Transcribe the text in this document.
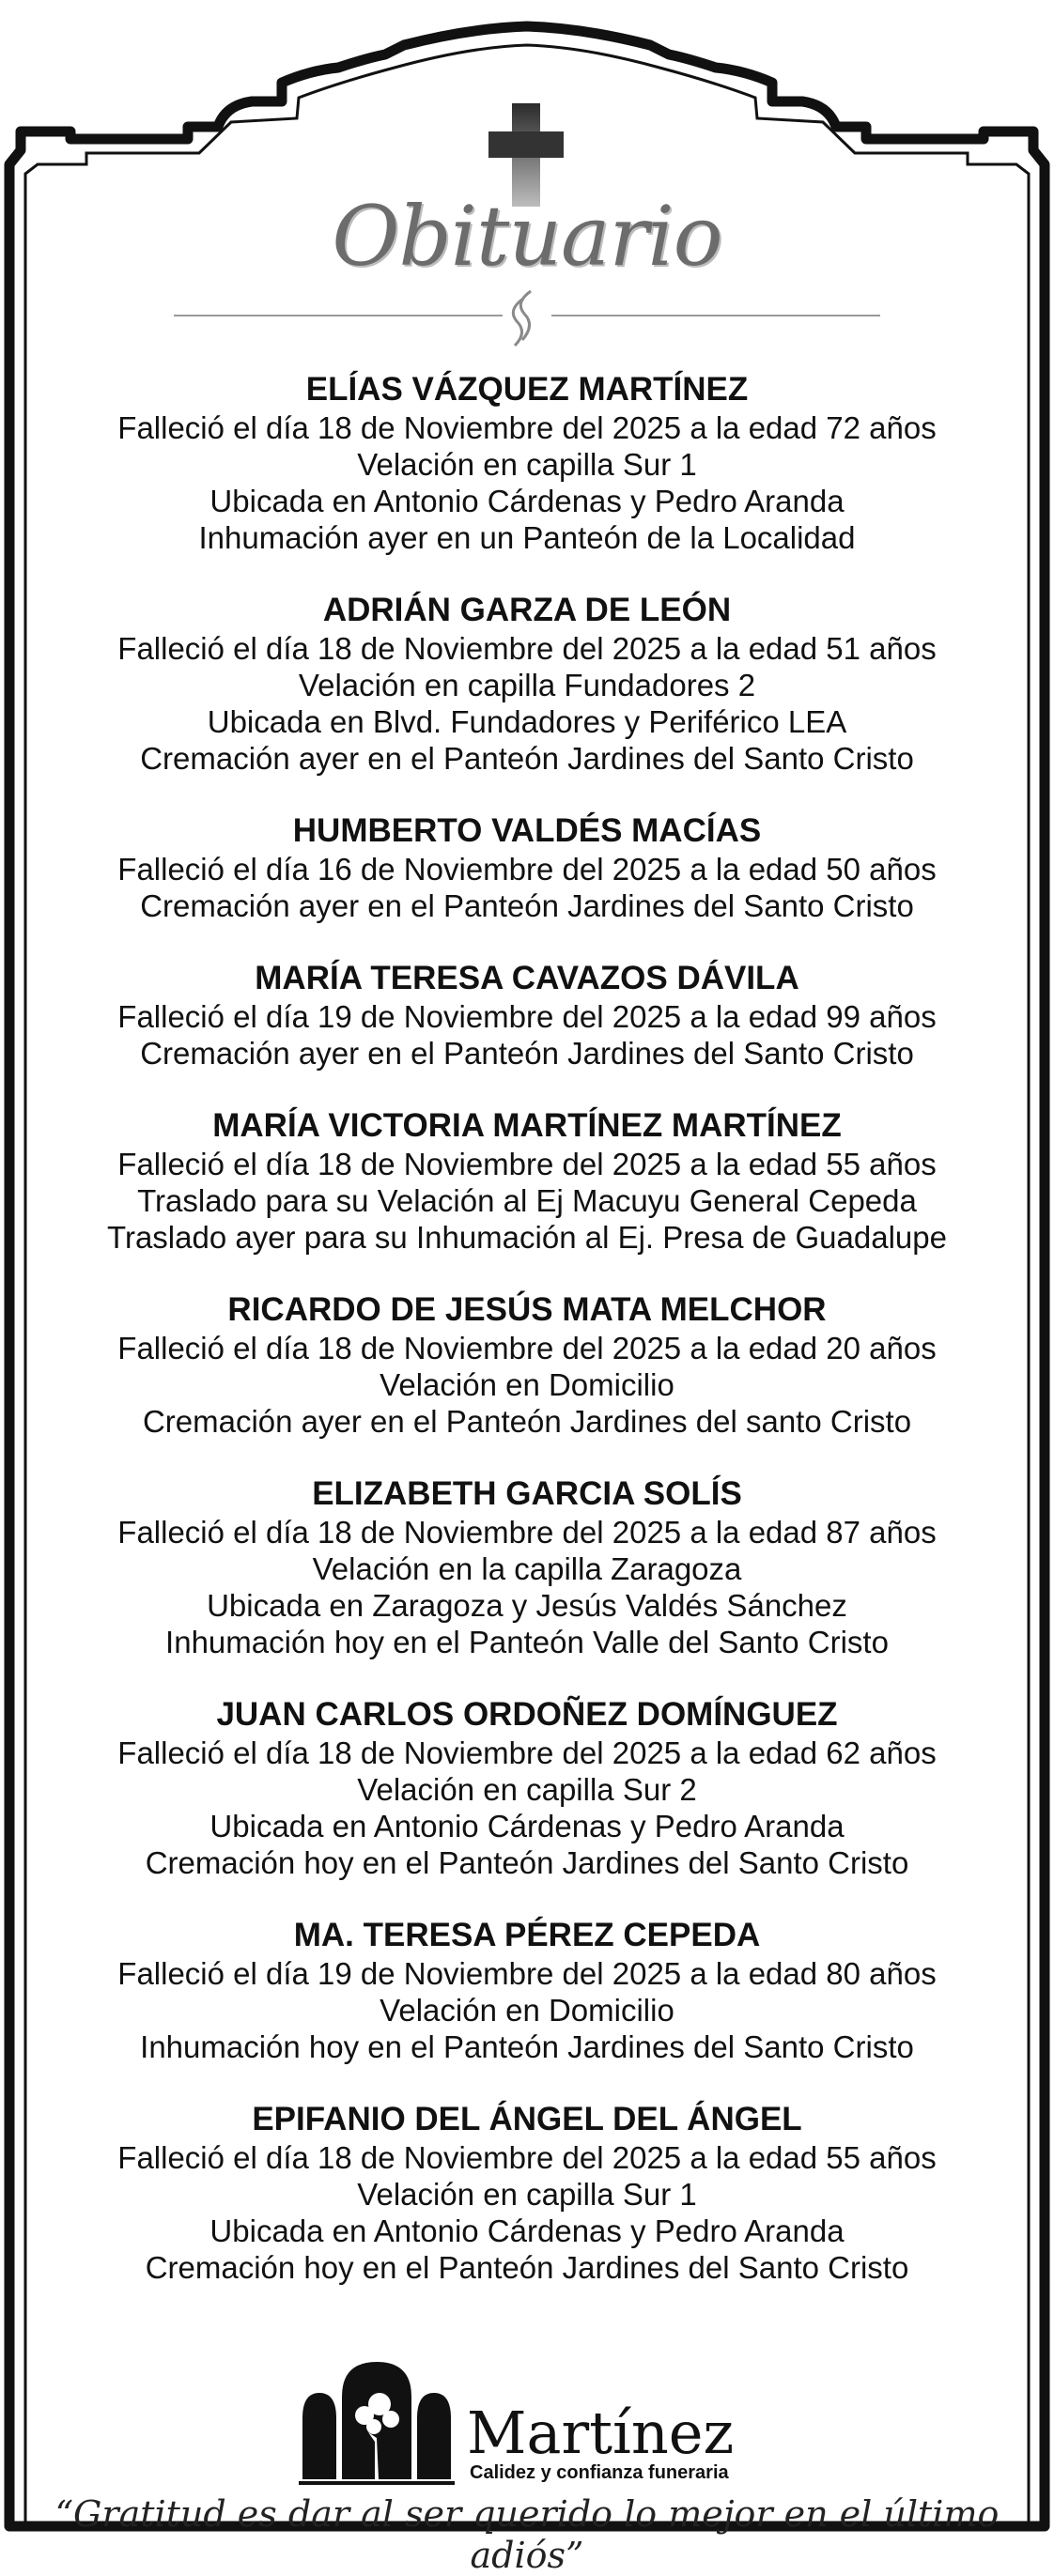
Obituario
ELÍAS VÁZQUEZ MARTÍNEZ
Falleció el día 18 de Noviembre del 2025 a la edad 72 años
Velación en capilla Sur 1
Ubicada en Antonio Cárdenas y Pedro Aranda
Inhumación ayer en un Panteón de la Localidad
ADRIÁN GARZA DE LEÓN
Falleció el día 18 de Noviembre del 2025 a la edad 51 años
Velación en capilla Fundadores 2
Ubicada en Blvd. Fundadores y Periférico LEA
Cremación ayer en el Panteón Jardines del Santo Cristo
HUMBERTO VALDÉS MACÍAS
Falleció el día 16 de Noviembre del 2025 a la edad 50 años
Cremación ayer en el Panteón Jardines del Santo Cristo
MARÍA TERESA CAVAZOS DÁVILA
Falleció el día 19 de Noviembre del 2025 a la edad 99 años
Cremación ayer en el Panteón Jardines del Santo Cristo
MARÍA VICTORIA MARTÍNEZ MARTÍNEZ
Falleció el día 18 de Noviembre del 2025 a la edad 55 años
Traslado para su Velación al Ej Macuyu General Cepeda
Traslado ayer para su Inhumación al Ej. Presa de Guadalupe
RICARDO DE JESÚS MATA MELCHOR
Falleció el día 18 de Noviembre del 2025 a la edad 20 años
Velación en Domicilio
Cremación ayer en el Panteón Jardines del santo Cristo
ELIZABETH GARCIA SOLÍS
Falleció el día 18 de Noviembre del 2025 a la edad 87 años
Velación en la capilla Zaragoza
Ubicada en Zaragoza y Jesús Valdés Sánchez
Inhumación hoy en el Panteón Valle del Santo Cristo
JUAN CARLOS ORDOÑEZ DOMÍNGUEZ
Falleció el día 18 de Noviembre del 2025 a la edad 62 años
Velación en capilla Sur 2
Ubicada en Antonio Cárdenas y Pedro Aranda
Cremación hoy en el Panteón Jardines del Santo Cristo
MA. TERESA PÉREZ CEPEDA
Falleció el día 19 de Noviembre del 2025 a la edad 80 años
Velación en Domicilio
Inhumación hoy en el Panteón Jardines del Santo Cristo
EPIFANIO DEL ÁNGEL DEL ÁNGEL
Falleció el día 18 de Noviembre del 2025 a la edad 55 años
Velación en capilla Sur 1
Ubicada en Antonio Cárdenas y Pedro Aranda
Cremación hoy en el Panteón Jardines del Santo Cristo
Martínez
Calidez y confianza funeraria
“Gratitud es dar al ser querido lo mejor en el último adiós”
